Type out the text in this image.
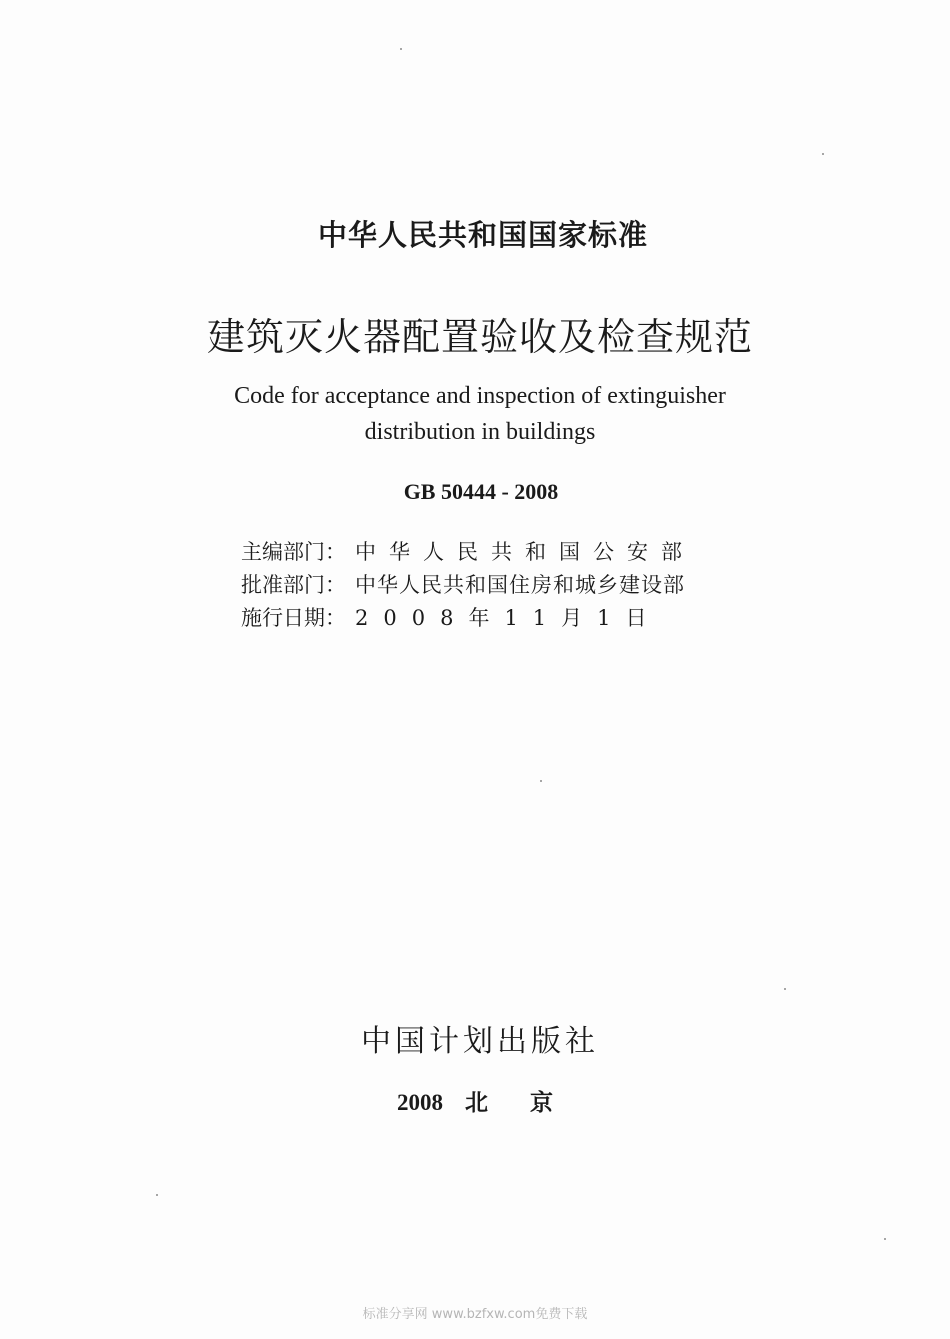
中华人民共和国国家标准
建筑灭火器配置验收及检查规范
Code for acceptance and inspection of extinguisher
distribution in buildings
GB 50444 - 2008
主编部门： 中华人民共和国公安部
批准部门： 中华人民共和国住房和城乡建设部
施行日期： 2008年11月1日
中国计划出版社
2008 北京
标准分享网 www.bzfxw.com免费下载
